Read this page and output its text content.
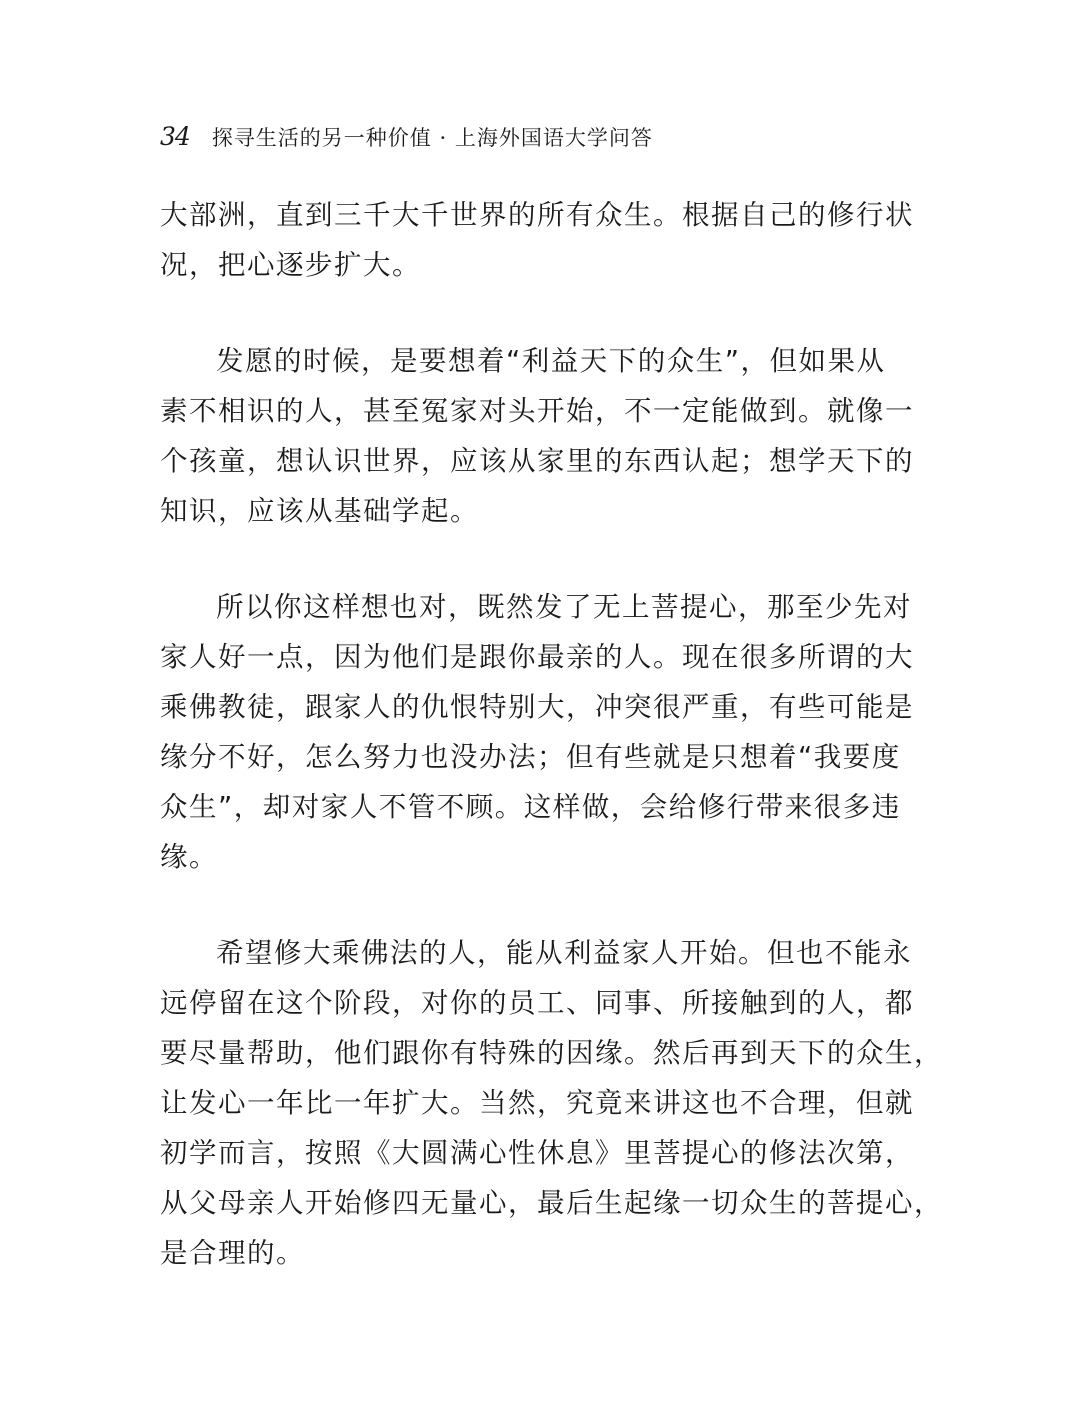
34 探寻生活的另一种价值 · 上海外国语大学问答
大部洲，直到三千大千世界的所有众生。根据自己的修行状
况，把心逐步扩大。
发愿的时候，是要想着“利益天下的众生”，但如果从
素不相识的人，甚至冤家对头开始，不一定能做到。就像一
个孩童，想认识世界，应该从家里的东西认起；想学天下的
知识，应该从基础学起。
所以你这样想也对，既然发了无上菩提心，那至少先对
家人好一点，因为他们是跟你最亲的人。现在很多所谓的大
乘佛教徒，跟家人的仇恨特别大，冲突很严重，有些可能是
缘分不好，怎么努力也没办法；但有些就是只想着“我要度
众生”，却对家人不管不顾。这样做，会给修行带来很多违
缘。
希望修大乘佛法的人，能从利益家人开始。但也不能永
远停留在这个阶段，对你的员工、同事、所接触到的人，都
要尽量帮助，他们跟你有特殊的因缘。然后再到天下的众生，
让发心一年比一年扩大。当然，究竟来讲这也不合理，但就
初学而言，按照《大圆满心性休息》里菩提心的修法次第，
从父母亲人开始修四无量心，最后生起缘一切众生的菩提心，
是合理的。
